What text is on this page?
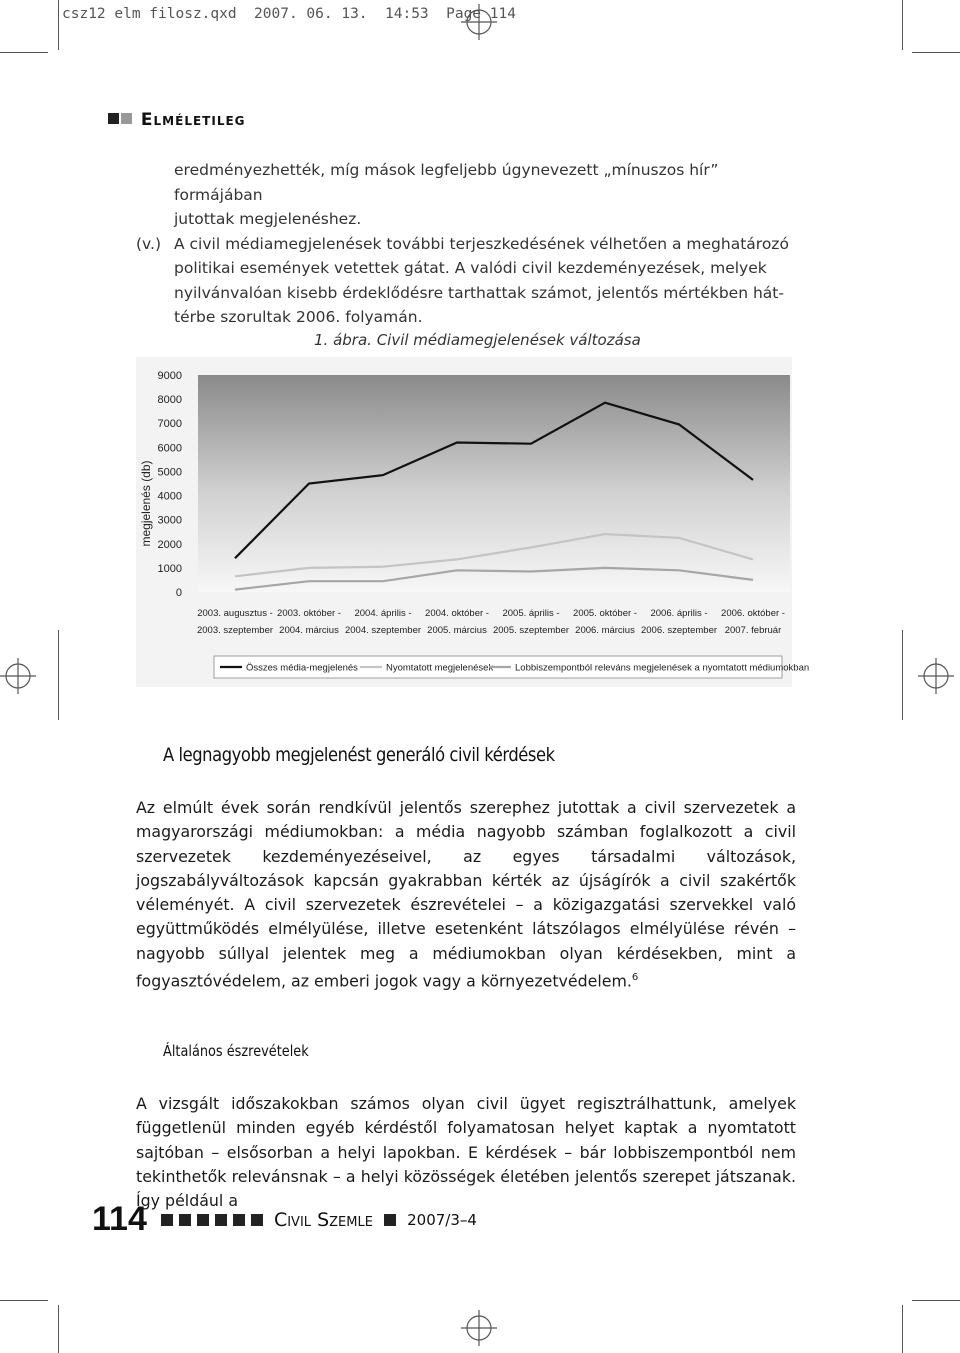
csz12 elm filosz.qxd  2007. 06. 13.  14:53  Page 114
Elméletileg
eredményezhették, míg mások legfeljebb úgynevezett „mínuszos hír” formájában
jutottak megjelenéshez.
(v.) A civil médiamegjelenések további terjeszkedésének vélhetően a meghatározó
politikai események vetettek gátat. A valódi civil kezdeményezések, melyek
nyilvánvalóan kisebb érdeklődésre tarthattak számot, jelentős mértékben hát-
térbe szorultak 2006. folyamán.
1. ábra. Civil médiamegjelenések változása
0
1000
2000
3000
4000
5000
6000
7000
8000
9000
megjelenés (db)
2003. augusztus -
2003. szeptember
2003. október -
2004. március
2004. április -
2004. szeptember
2004. október -
2005. március
2005. április -
2005. szeptember
2005. október -
2006. március
2006. április -
2006. szeptember
2006. október -
2007. február
Összes média-megjelenés	Nyomtatott megjelenések Lobbiszempontból releváns megjelenések a nyomtatott médiumokban
A legnagyobb megjelenést generáló civil kérdések
Az elmúlt évek során rendkívül jelentős szerephez jutottak a civil szervezetek a magyarországi médiumokban: a média nagyobb számban foglalkozott a civil szervezetek kezdeményezéseivel, az egyes társadalmi változások, jogszabályváltozások kapcsán gyakrabban kérték az újságírók a civil szakértők véleményét. A civil szervezetek észrevételei – a közigazgatási szervekkel való együttműködés elmélyülése, illetve esetenként látszólagos elmélyülése révén – nagyobb súllyal jelentek meg a médiumokban olyan kérdésekben, mint a fogyasztóvédelem, az emberi jogok vagy a környezetvédelem.$^6$
Általános észrevételek
A vizsgált időszakokban számos olyan civil ügyet regisztrálhattunk, amelyek függetlenül minden egyéb kérdéstől folyamatosan helyet kaptak a nyomtatott sajtóban – elsősorban a helyi lapokban. E kérdések – bár lobbiszempontból nem tekinthetők relevánsnak – a helyi közösségek életében jelentős szerepet játszanak. Így például a
114	Civil Szemle 2007/3–4
